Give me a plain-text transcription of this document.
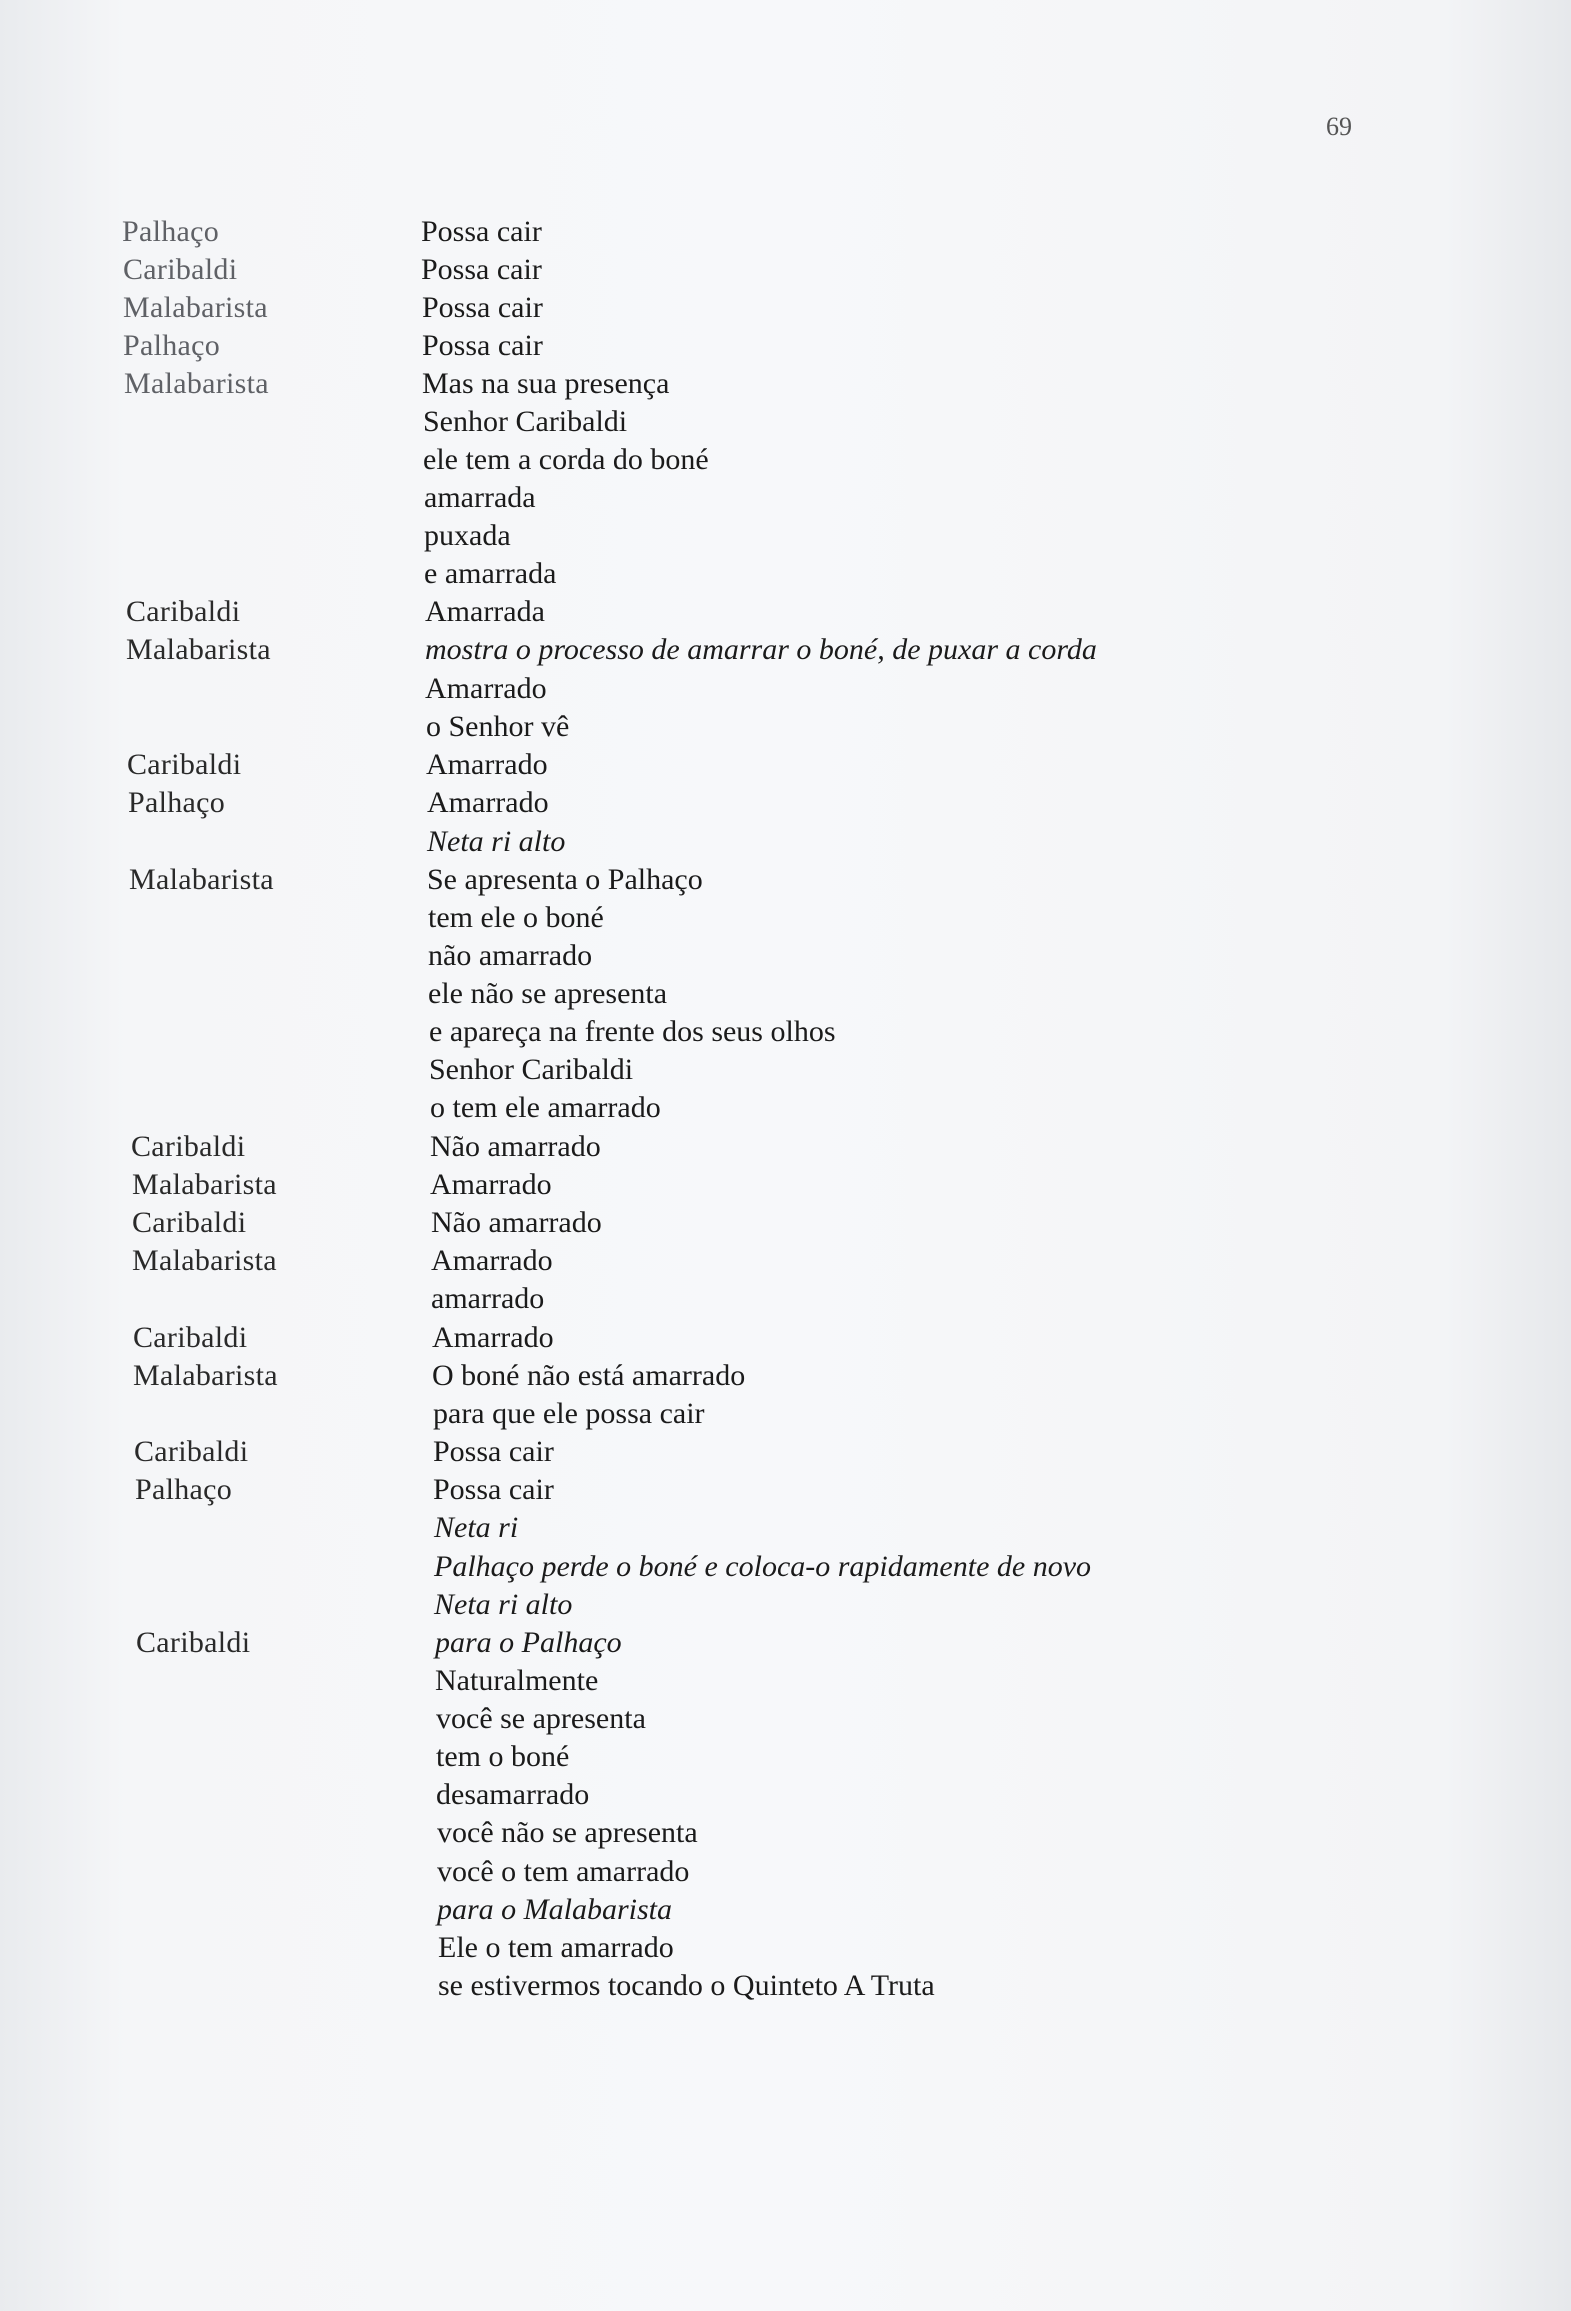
69
Palhaço	Possa cair
Caribaldi	Possa cair
Malabarista	Possa cair
Palhaço	Possa cair
Malabarista	Mas na sua presença
Senhor Caribaldi
ele tem a corda do boné
amarrada
puxada
e amarrada
Caribaldi	Amarrada
Malabarista	mostra o processo de amarrar o boné, de puxar a corda
Amarrado
o Senhor vê
Caribaldi	Amarrado
Palhaço	Amarrado
Neta ri alto
Malabarista	Se apresenta o Palhaço
tem ele o boné
não amarrado
ele não se apresenta
e apareça na frente dos seus olhos
Senhor Caribaldi
o tem ele amarrado
Caribaldi	Não amarrado
Malabarista	Amarrado
Caribaldi	Não amarrado
Malabarista	Amarrado
amarrado
Caribaldi	Amarrado
Malabarista	O boné não está amarrado
para que ele possa cair
Caribaldi	Possa cair
Palhaço	Possa cair
Neta ri
Palhaço perde o boné e coloca-o rapidamente de novo
Neta ri alto
Caribaldi	para o Palhaço
Naturalmente
você se apresenta
tem o boné
desamarrado
você não se apresenta
você o tem amarrado
para o Malabarista
Ele o tem amarrado
se estivermos tocando o Quinteto A Truta
